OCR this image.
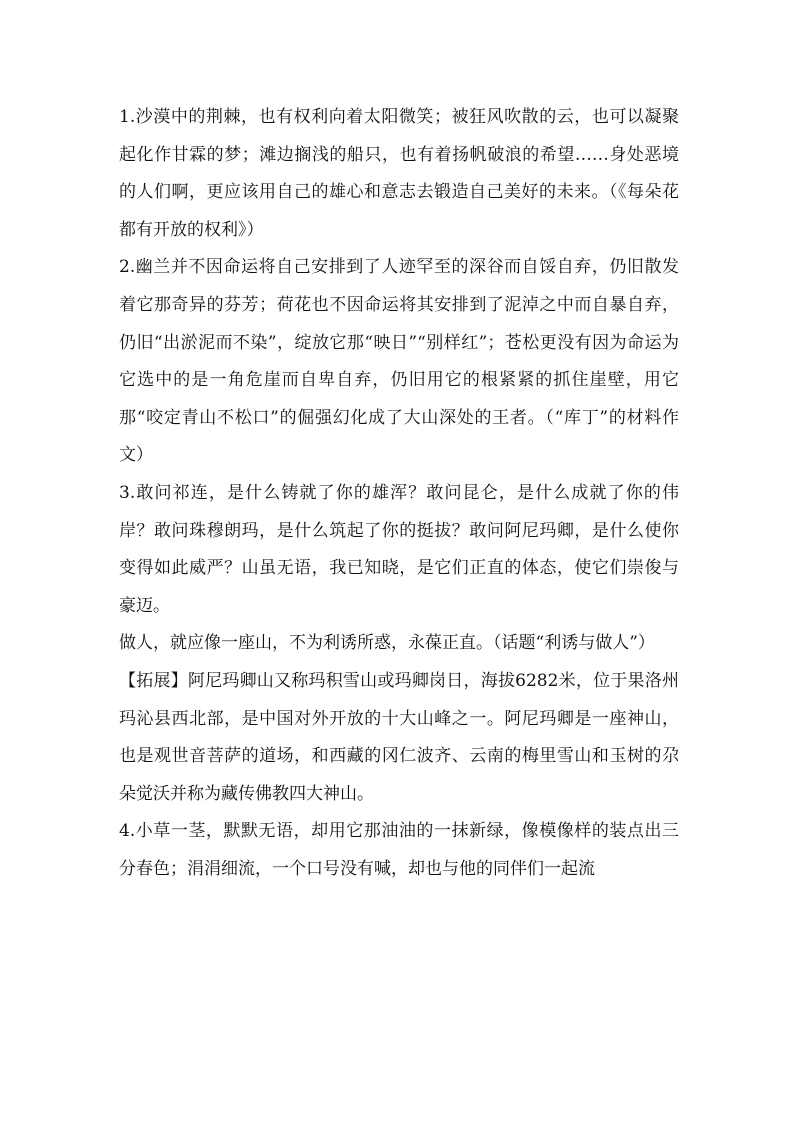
1.沙漠中的荆棘，也有权利向着太阳微笑；被狂风吹散的云，也可以凝聚起化作甘霖的梦；滩边搁浅的船只，也有着扬帆破浪的希望……身处恶境的人们啊，更应该用自己的雄心和意志去锻造自己美好的未来。（《每朵花都有开放的权利》）

2.幽兰并不因命运将自己安排到了人迹罕至的深谷而自馁自弃，仍旧散发着它那奇异的芬芳；荷花也不因命运将其安排到了泥淖之中而自暴自弃，仍旧“出淤泥而不染”，绽放它那“映日”“别样红”；苍松更没有因为命运为它选中的是一角危崖而自卑自弃，仍旧用它的根紧紧的抓住崖壁，用它那“咬定青山不松口”的倔强幻化成了大山深处的王者。（“库丁”的材料作文）

3.敢问祁连，是什么铸就了你的雄浑？敢问昆仑，是什么成就了你的伟岸？敢问珠穆朗玛，是什么筑起了你的挺拔？敢问阿尼玛卿，是什么使你变得如此威严？山虽无语，我已知晓，是它们正直的体态，使它们崇俊与豪迈。

做人，就应像一座山，不为利诱所惑，永葆正直。（话题“利诱与做人”）

【拓展】阿尼玛卿山又称玛积雪山或玛卿岗日，海拔6282米，位于果洛州玛沁县西北部，是中国对外开放的十大山峰之一。阿尼玛卿是一座神山，也是观世音菩萨的道场，和西藏的冈仁波齐、云南的梅里雪山和玉树的尕朵觉沃并称为藏传佛教四大神山。

4.小草一茎，默默无语，却用它那油油的一抹新绿，像模像样的装点出三分春色；涓涓细流，一个口号没有喊，却也与他的同伴们一起流
